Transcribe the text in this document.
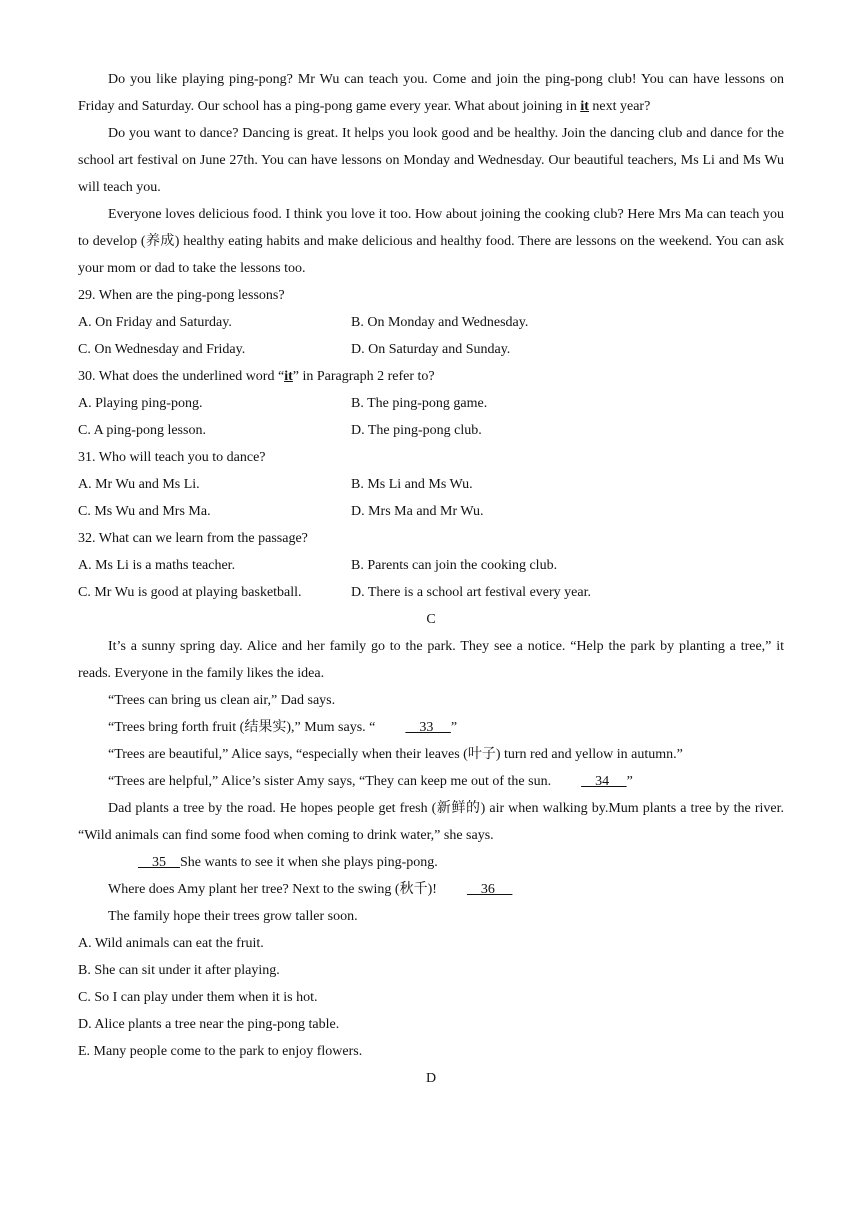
Do you like playing ping-pong? Mr Wu can teach you. Come and join the ping-pong club! You can have lessons on Friday and Saturday. Our school has a ping-pong game every year. What about joining in it next year?

Do you want to dance? Dancing is great. It helps you look good and be healthy. Join the dancing club and dance for the school art festival on June 27th. You can have lessons on Monday and Wednesday. Our beautiful teachers, Ms Li and Ms Wu will teach you.

Everyone loves delicious food. I think you love it too. How about joining the cooking club? Here Mrs Ma can teach you to develop (养成) healthy eating habits and make delicious and healthy food. There are lessons on the weekend. You can ask your mom or dad to take the lessons too.

29. When are the ping-pong lessons?

A. On Friday and Saturday.	B. On Monday and Wednesday.
C. On Wednesday and Friday.	D. On Saturday and Sunday.

30. What does the underlined word “it” in Paragraph 2 refer to?

A. Playing ping-pong.	B. The ping-pong game.
C. A ping-pong lesson.	D. The ping-pong club.

31. Who will teach you to dance?

A. Mr Wu and Ms Li.	B. Ms Li and Ms Wu.
C. Ms Wu and Mrs Ma.	D. Mrs Ma and Mr Wu.

32. What can we learn from the passage?

A. Ms Li is a maths teacher.	B. Parents can join the cooking club.
C. Mr Wu is good at playing basketball.	D. There is a school art festival every year.
C

It’s a sunny spring day. Alice and her family go to the park. They see a notice. “Help the park by planting a tree,” it reads. Everyone in the family likes the idea.

“Trees can bring us clean air,” Dad says.

“Trees bring forth fruit (结果实),” Mum says. “    33     ”

“Trees are beautiful,” Alice says, “especially when their leaves (叶子) turn red and yellow in autumn.”

“Trees are helpful,” Alice’s sister Amy says, “They can keep me out of the sun.    34     ”

Dad plants a tree by the road. He hopes people get fresh (新鲜的) air when walking by.Mum plants a tree by the river. “Wild animals can find some food when coming to drink water,” she says.

35    She wants to see it when she plays ping-pong.

Where does Amy plant her tree? Next to the swing (秋千)!    36

The family hope their trees grow taller soon.

A. Wild animals can eat the fruit.

B. She can sit under it after playing.

C. So I can play under them when it is hot.

D. Alice plants a tree near the ping-pong table.

E. Many people come to the park to enjoy flowers.

D
